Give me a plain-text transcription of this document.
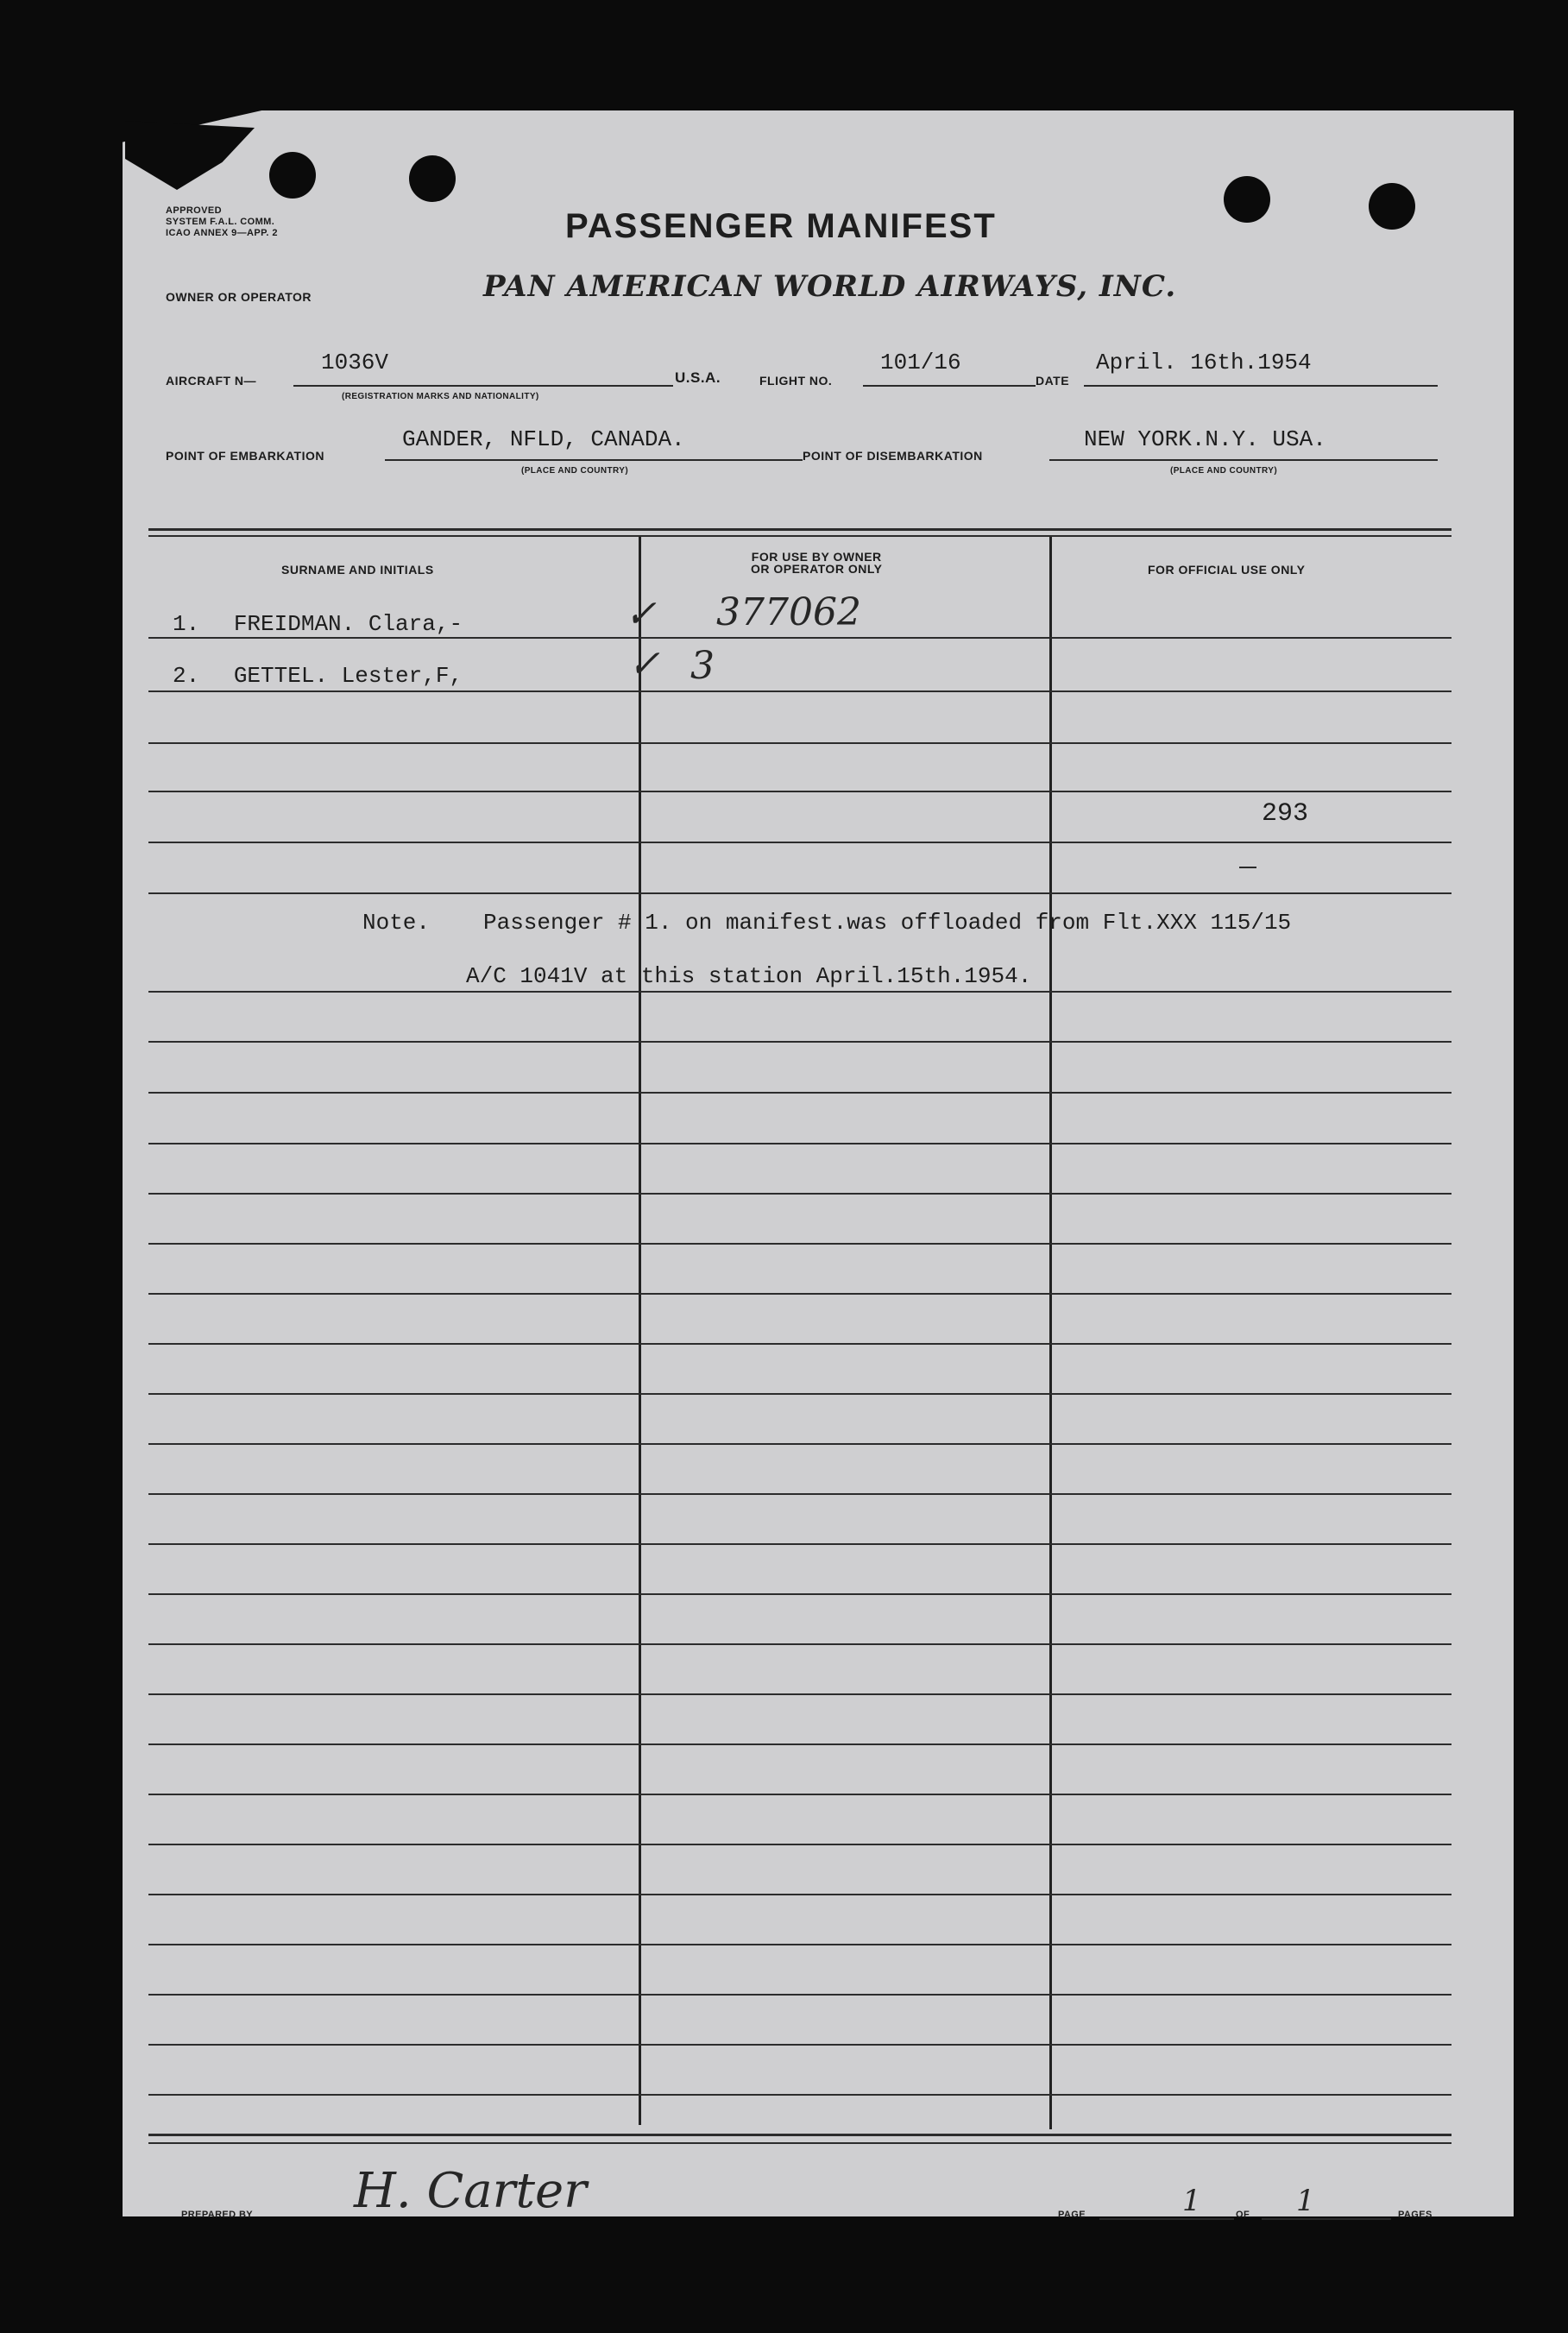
APPROVED
SYSTEM F.A.L. COMM.
ICAO ANNEX 9—APP. 2	PASSENGER MANIFEST
OWNER OR OPERATOR	PAN AMERICAN WORLD AIRWAYS, INC.
AIRCRAFT N—
1036V
(REGISTRATION MARKS AND NATIONALITY)
U.S.A.	FLIGHT NO.
101/16
DATE
April. 16th.1954
POINT OF EMBARKATION
GANDER, NFLD, CANADA.
(PLACE AND COUNTRY)
POINT OF DISEMBARKATION
NEW YORK.N.Y. USA.
(PLACE AND COUNTRY)
SURNAME AND INITIALS
FOR USE BY OWNER
OR OPERATOR ONLY	FOR OFFICIAL USE ONLY
1. FREIDMAN. Clara,-	✓ 377062
2. GETTEL. Lester,F,	✓ 3
293
Note. Passenger # 1. on manifest.was offloaded from Flt.XXX 115/15
A/C 1041V at this station April.15th.1954.
PREPARED BY H. Carter	PAGE	1	OF 1	PAGES
